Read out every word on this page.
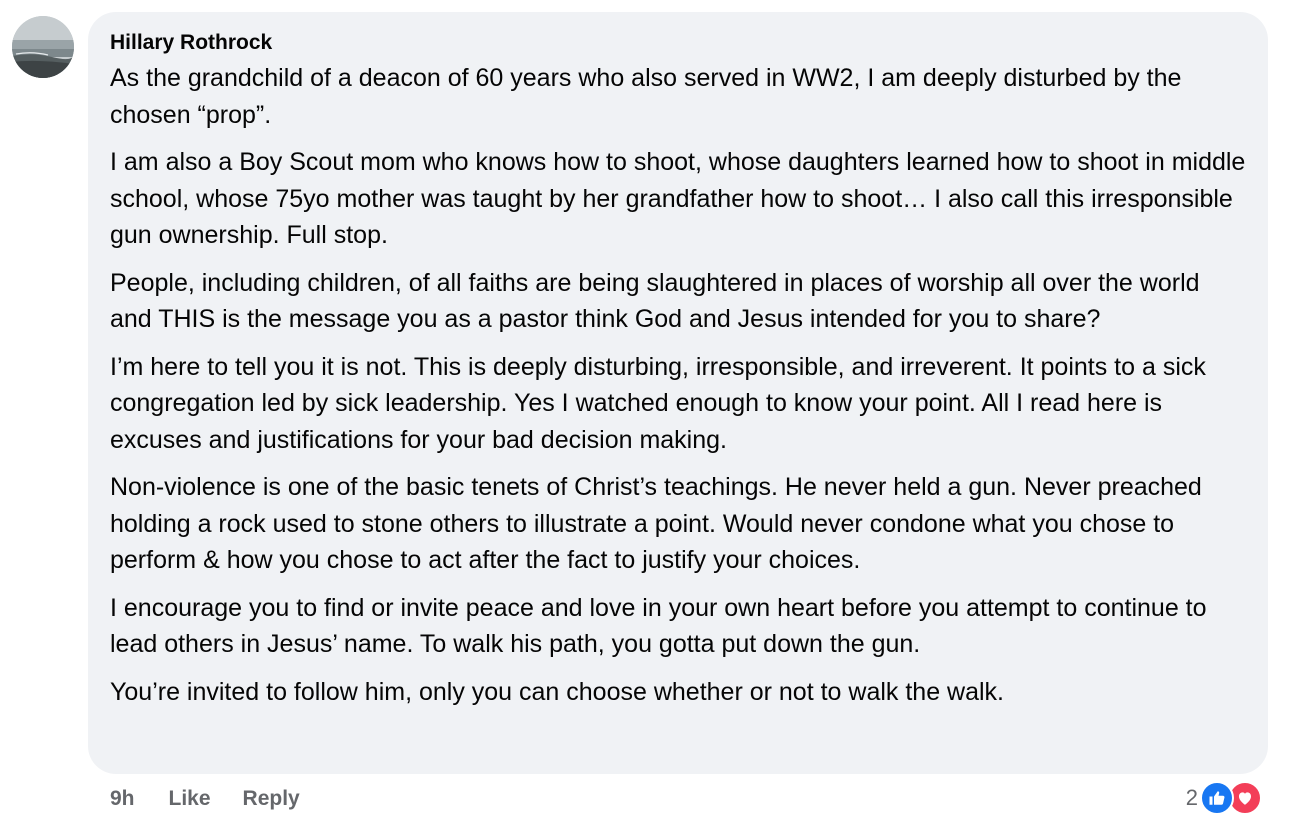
Hillary Rothrock

As the grandchild of a deacon of 60 years who also served in WW2, I am deeply disturbed by the chosen “prop”.

I am also a Boy Scout mom who knows how to shoot, whose daughters learned how to shoot in middle school, whose 75yo mother was taught by her grandfather how to shoot… I also call this irresponsible gun ownership. Full stop.

People, including children, of all faiths are being slaughtered in places of worship all over the world and THIS is the message you as a pastor think God and Jesus intended for you to share?

I’m here to tell you it is not. This is deeply disturbing, irresponsible, and irreverent. It points to a sick congregation led by sick leadership. Yes I watched enough to know your point. All I read here is excuses and justifications for your bad decision making.

Non-violence is one of the basic tenets of Christ’s teachings. He never held a gun. Never preached holding a rock used to stone others to illustrate a point. Would never condone what you chose to perform & how you chose to act after the fact to justify your choices.

I encourage you to find or invite peace and love in your own heart before you attempt to continue to lead others in Jesus’ name. To walk his path, you gotta put down the gun.

You’re invited to follow him, only you can choose whether or not to walk the walk.

9h Like Reply	2
